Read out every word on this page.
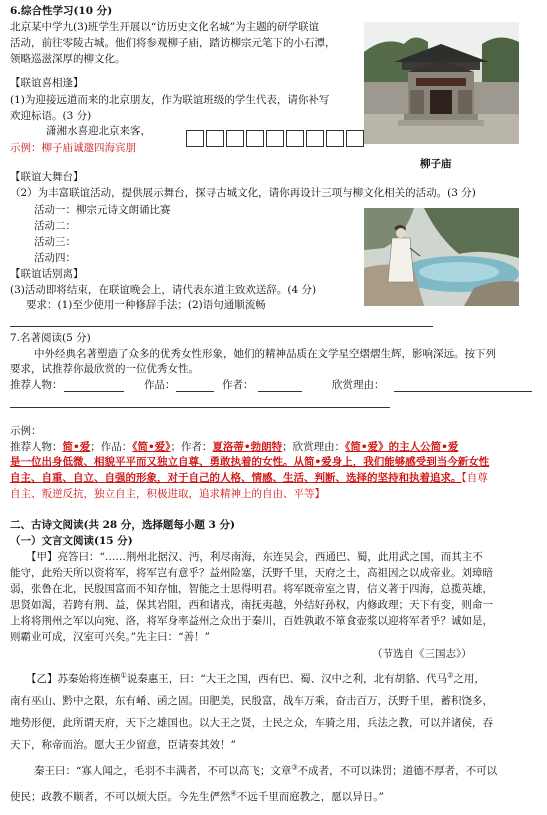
6.综合性学习(10 分)
北京某中学九(3)班学生开展以“访历史文化名城”为主题的研学联谊
活动，前往零陵古城。他们将参观柳子庙，踏访柳宗元笔下的小石潭，
领略巡滋深厚的柳文化。
【联谊喜相逢】
(1)为迎接远道而来的北京朋友，作为联谊班级的学生代表，请你补写
欢迎标语。(3 分)
潇湘水喜迎北京来客，
示例：柳子庙诚邀四海宾朋
柳子庙
【联谊大舞台】
（2）为丰富联谊活动，提供展示舞台，探寻古城文化，请你再设计三项与柳文化相关的活动。(3 分)
活动一：柳宗元诗文朗诵比赛
活动二：
活动三：
活动四：
【联谊话别离】
(3)活动即将结束，在联谊晚会上，请代表东道主致欢送辞。(4 分)
要求：(1)至少使用一种修辞手法；(2)语句通顺流畅
7.名著阅读(5 分)
中外经典名著塑造了众多的优秀女性形象，她们的精神品质在文学星空熠熠生辉，影响深远。按下列
要求，试推荐你最欣赏的一位优秀女性。
推荐人物：	作品：	作者：	欣赏理由：
示例：
推荐人物：简•爱；作品：《简•爱》；作者：夏洛蒂•勃朗特；欣赏理由：《简•爱》的主人公简•爱
是一位出身低微、相貌平平而又独立自尊、勇敢执着的女性。从简•爱身上，我们能够感受到当今新女性
自主、自重、自立、自强的形象，对于自己的人格、情感、生活、判断、选择的坚持和执着追求。【自尊
自主、叛逆反抗，独立自主，积极进取，追求精神上的自由、平等】
二、古诗文阅读(共 28 分，选择题每小题 3 分)
（一）文言文阅读(15 分)
【甲】亮答曰：“……荆州北据汉、沔，利尽南海，东连吴会，西通巴、蜀，此用武之国，而其主不
能守，此殆天所以资将军，将军岂有意乎？益州险塞，沃野千里，天府之土，高祖因之以成帝业。刘璋暗
弱，张鲁在北，民殷国富而不知存恤，智能之士思得明君。将军既帝室之胄，信义著于四海，总揽英雄，
思贤如渴，若跨有荆、益，保其岩阻，西和诸戎，南抚夷越，外结好孙权，内修政理；天下有变，则命一
上将将荆州之军以向宛、洛，将军身率益州之众出于秦川，百姓孰敢不箪食壶浆以迎将军者乎？诚如是，
则霸业可成，汉室可兴矣。”先主曰：“善！”
（节选自《三国志》）
【乙】苏秦始将连横①说秦惠王，曰：“大王之国，西有巴、蜀、汉中之利，北有胡貉、代马②之用，
南有巫山、黔中之限，东有崤、函之固。田肥美，民殷富，战车万乘，奋击百万，沃野千里，蓄积饶多，
地势形便，此所谓天府，天下之雄国也。以大王之贤，士民之众，车骑之用，兵法之教，可以并诸侯，吞
天下，称帝而治。愿大王少留意，臣请奏其效！”
秦王曰：“寡人闻之，毛羽不丰满者，不可以高飞；文章③不成者，不可以诛罚；道德不厚者，不可以
使民；政教不顺者，不可以烦大臣。今先生俨然④不远千里而庭教之，愿以异日。”
